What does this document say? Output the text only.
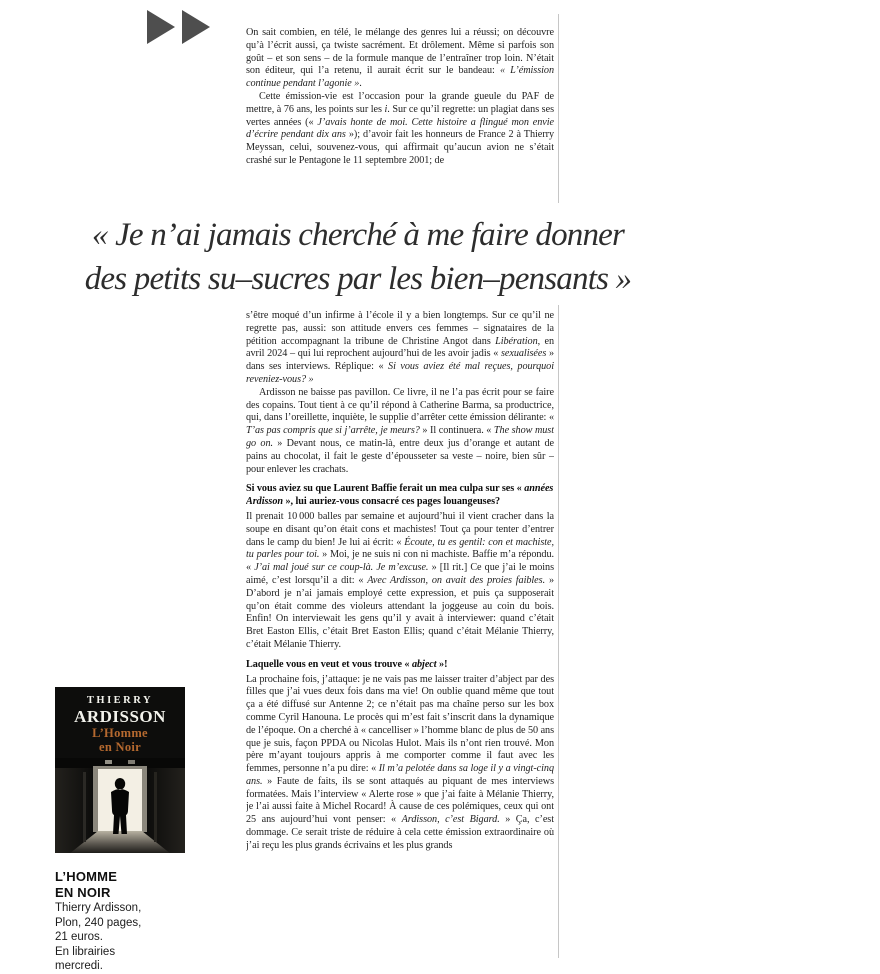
On sait combien, en télé, le mélange des genres lui a réussi; on découvre qu’à l’écrit aussi, ça twiste sacrément. Et drôlement. Même si parfois son goût – et son sens – de la formule manque de l’entraîner trop loin. N’était son éditeur, qui l’a retenu, il aurait écrit sur le bandeau: « L’émission continue pendant l’agonie ».

Cette émission-vie est l’occasion pour la grande gueule du PAF de mettre, à 76 ans, les points sur les i. Sur ce qu’il regrette: un plagiat dans ses vertes années (« J’avais honte de moi. Cette histoire a flingué mon envie d’écrire pendant dix ans »); d’avoir fait les honneurs de France 2 à Thierry Meyssan, celui, souvenez-vous, qui affirmait qu’aucun avion ne s’était crashé sur le Pentagone le 11 septembre 2001; de

« Je n’ai jamais cherché à me faire donner
des petits su–sucres par les bien–pensants »

s’être moqué d’un infirme à l’école il y a bien longtemps. Sur ce qu’il ne regrette pas, aussi: son attitude envers ces femmes – signataires de la pétition accompagnant la tribune de Christine Angot dans Libération, en avril 2024 – qui lui reprochent aujourd’hui de les avoir jadis « sexualisées » dans ses interviews. Réplique: « Si vous aviez été mal reçues, pourquoi reveniez-vous? »

Ardisson ne baisse pas pavillon. Ce livre, il ne l’a pas écrit pour se faire des copains. Tout tient à ce qu’il répond à Catherine Barma, sa productrice, qui, dans l’oreillette, inquiète, le supplie d’arrêter cette émission délirante: « T’as pas compris que si j’arrête, je meurs? » Il continuera. « The show must go on. » Devant nous, ce matin-là, entre deux jus d’orange et autant de pains au chocolat, il fait le geste d’épousseter sa veste – noire, bien sûr – pour enlever les crachats.

Si vous aviez su que Laurent Baffie ferait un mea culpa sur ses « années Ardisson », lui auriez-vous consacré ces pages louangeuses?

Il prenait 10 000 balles par semaine et aujourd’hui il vient cracher dans la soupe en disant qu’on était cons et machistes! Tout ça pour tenter d’entrer dans le camp du bien! Je lui ai écrit: « Écoute, tu es gentil: con et machiste, tu parles pour toi. » Moi, je ne suis ni con ni machiste. Baffie m’a répondu. « J’ai mal joué sur ce coup-là. Je m’excuse. » [Il rit.] Ce que j’ai le moins aimé, c’est lorsqu’il a dit: « Avec Ardisson, on avait des proies faibles. » D’abord je n’ai jamais employé cette expression, et puis ça supposerait qu’on était comme des violeurs attendant la joggeuse au coin du bois. Enfin! On interviewait les gens qu’il y avait à interviewer: quand c’était Bret Easton Ellis, c’était Bret Easton Ellis; quand c’était Mélanie Thierry, c’était Mélanie Thierry.

Laquelle vous en veut et vous trouve « abject »!

La prochaine fois, j’attaque: je ne vais pas me laisser traiter d’abject par des filles que j’ai vues deux fois dans ma vie! On oublie quand même que tout ça a été diffusé sur Antenne 2; ce n’était pas ma chaîne perso sur les box comme Cyril Hanouna. Le procès qui m’est fait s’inscrit dans la dynamique de l’époque. On a cherché à « cancelliser » l’homme blanc de plus de 50 ans que je suis, façon PPDA ou Nicolas Hulot. Mais ils n’ont rien trouvé. Mon père m’ayant toujours appris à me comporter comme il faut avec les femmes, personne n’a pu dire: « Il m’a pelotée dans sa loge il y a vingt-cinq ans. » Faute de faits, ils se sont attaqués au piquant de mes interviews formatées. Mais l’interview « Alerte rose » que j’ai faite à Mélanie Thierry, je l’ai aussi faite à Michel Rocard! À cause de ces polémiques, ceux qui ont 25 ans aujourd’hui vont penser: « Ardisson, c’est Bigard. » Ça, c’est dommage. Ce serait triste de réduire à cela cette émission extraordinaire où j’ai reçu les plus grands écrivains et les plus grands

THIERRY
ARDISSON
L’Homme
en Noir
L’HOMME
EN NOIR
Thierry Ardisson,
Plon, 240 pages,
21 euros.
En librairies
mercredi.
